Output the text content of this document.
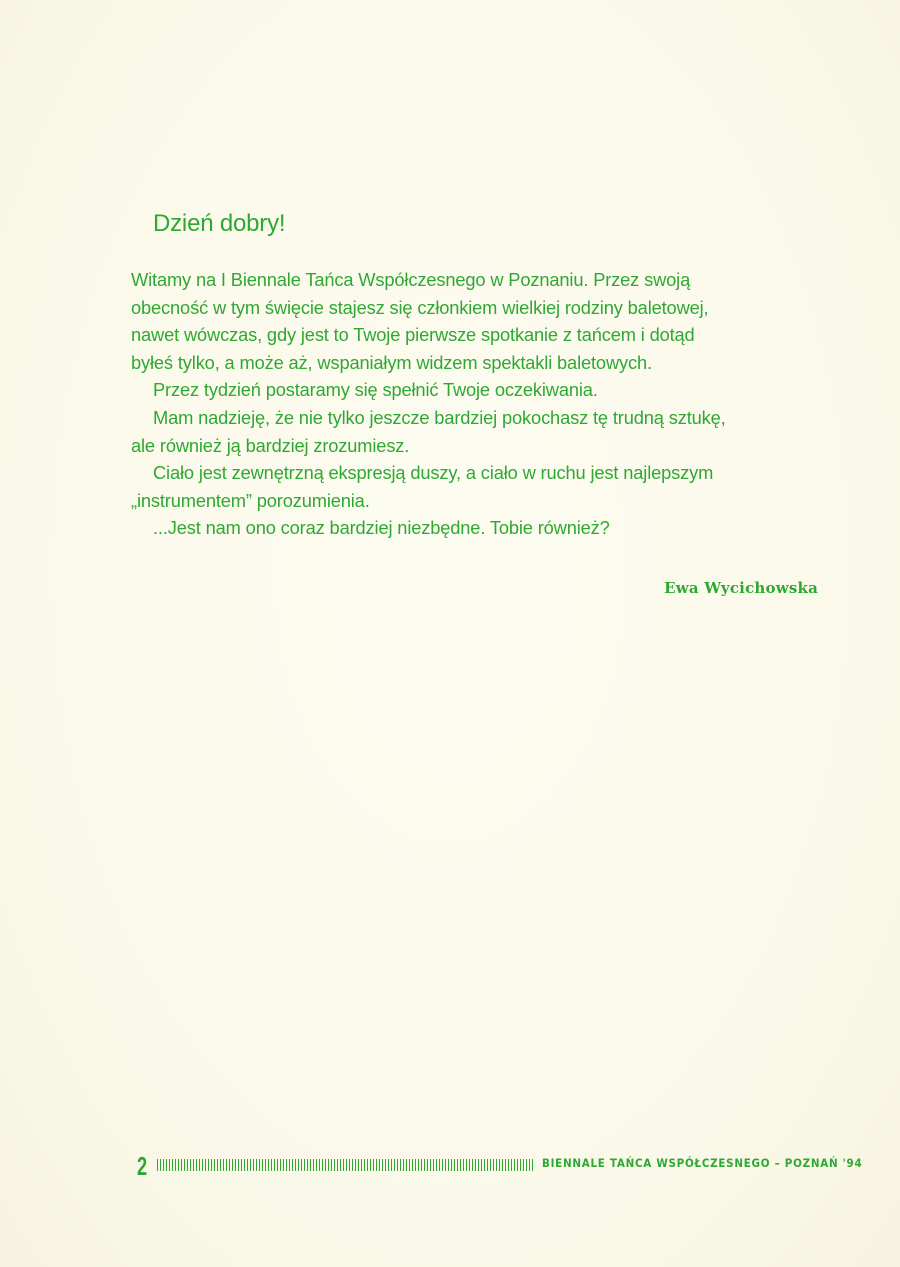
Dzień dobry!

Witamy na I Biennale Tańca Współczesnego w Poznaniu. Przez swoją

obecność w tym święcie stajesz się członkiem wielkiej rodziny baletowej,

nawet wówczas, gdy jest to Twoje pierwsze spotkanie z tańcem i dotąd

byłeś tylko, a może aż, wspaniałym widzem spektakli baletowych.

Przez tydzień postaramy się spełnić Twoje oczekiwania.

Mam nadzieję, że nie tylko jeszcze bardziej pokochasz tę trudną sztukę,

ale również ją bardziej zrozumiesz.

Ciało jest zewnętrzną ekspresją duszy, a ciało w ruchu jest najlepszym

„instrumentem” porozumienia.

...Jest nam ono coraz bardziej niezbędne. Tobie również?

Ewa Wycichowska
2	BIENNALE TAŃCA WSPÓŁCZESNEGO – POZNAŃ '94
